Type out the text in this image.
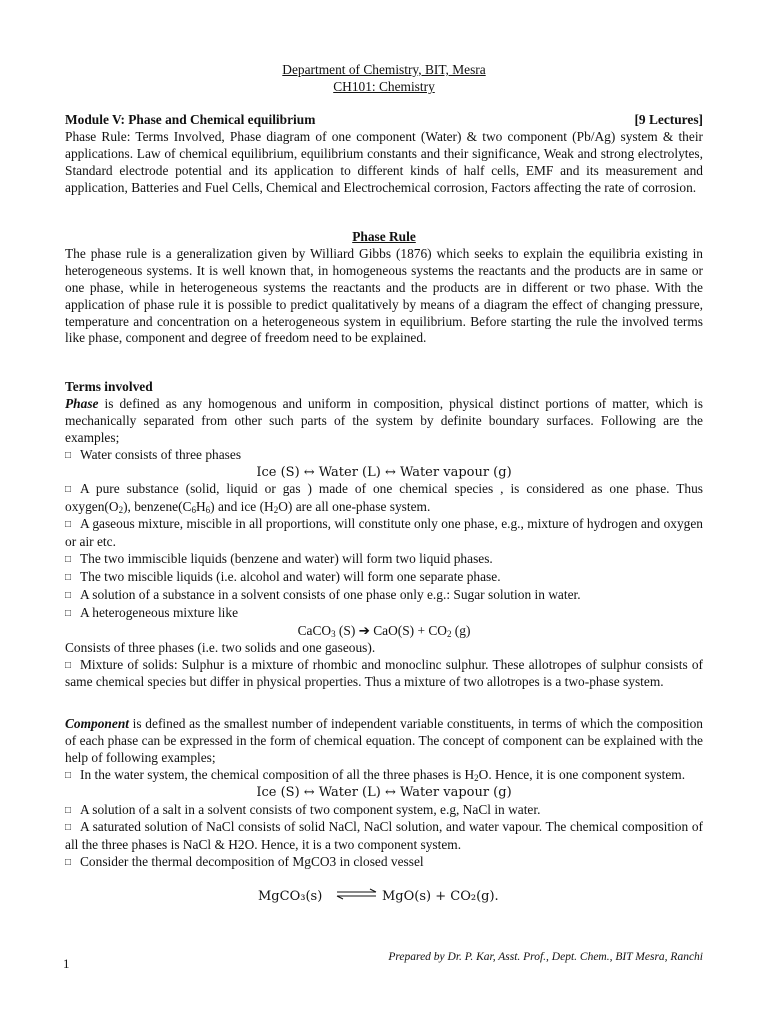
Department of Chemistry, BIT, Mesra
CH101: Chemistry
Module V: Phase and Chemical equilibrium	[9 Lectures]
Phase Rule: Terms Involved, Phase diagram of one component (Water) & two component (Pb/Ag) system & their applications. Law of chemical equilibrium, equilibrium constants and their significance, Weak and strong electrolytes, Standard electrode potential and its application to different kinds of half cells, EMF and its measurement and application, Batteries and Fuel Cells, Chemical and Electrochemical corrosion, Factors affecting the rate of corrosion.
Phase Rule
The phase rule is a generalization given by Williard Gibbs (1876) which seeks to explain the equilibria existing in heterogeneous systems. It is well known that, in homogeneous systems the reactants and the products are in same or one phase, while in heterogeneous systems the reactants and the products are in different or two phase. With the application of phase rule it is possible to predict qualitatively by means of a diagram the effect of changing pressure, temperature and concentration on a heterogeneous system in equilibrium. Before starting the rule the involved terms like phase, component and degree of freedom need to be explained.
Terms involved
Phase is defined as any homogenous and uniform in composition, physical distinct portions of matter, which is mechanically separated from other such parts of the system by definite boundary surfaces. Following are the examples;
□ Water consists of three phases
Ice (S) ↔ Water (L) ↔ Water vapour (g)
□ A pure substance (solid, liquid or gas ) made of one chemical species , is considered as one phase. Thus $oxygen(O_2)$, $benzene(C_6H_6)$ and ice $(H_2O)$ are all one-phase system.
□ A gaseous mixture, miscible in all proportions, will constitute only one phase, e.g., mixture of hydrogen and oxygen or air etc.
□ The two immiscible liquids (benzene and water) will form two liquid phases.
□ The two miscible liquids (i.e. alcohol and water) will form one separate phase.
□ A solution of a substance in a solvent consists of one phase only e.g.: Sugar solution in water.
□ A heterogeneous mixture like
CaCO$_3$ (S) ➔ $CaO(S) + CO_2$ (g)
Consists of three phases (i.e. two solids and one gaseous).
□ Mixture of solids: Sulphur is a mixture of rhombic and monoclinc sulphur. These allotropes of sulphur consists of same chemical species but differ in physical properties. Thus a mixture of two allotropes is a two-phase system.
Component is defined as the smallest number of independent variable constituents, in terms of which the composition of each phase can be expressed in the form of chemical equation. The concept of component can be explained with the help of following examples;
□ In the water system, the chemical composition of all the three phases is $H_2O$. Hence, it is one component system.
Ice (S) ↔ Water (L) ↔ Water vapour (g)
□ A solution of a salt in a solvent consists of two component system, e.g, NaCl in water.
□ A saturated solution of NaCl consists of solid NaCl, NaCl solution, and water vapour. The chemical composition of all the three phases is NaCl & H2O. Hence, it is a two component system.
□ Consider the thermal decomposition of MgCO3 in closed vessel
MgCO₃(s)	MgO(s) + CO₂(g).
1	Prepared by Dr. P. Kar, Asst. Prof., Dept. Chem., BIT Mesra, Ranchi
